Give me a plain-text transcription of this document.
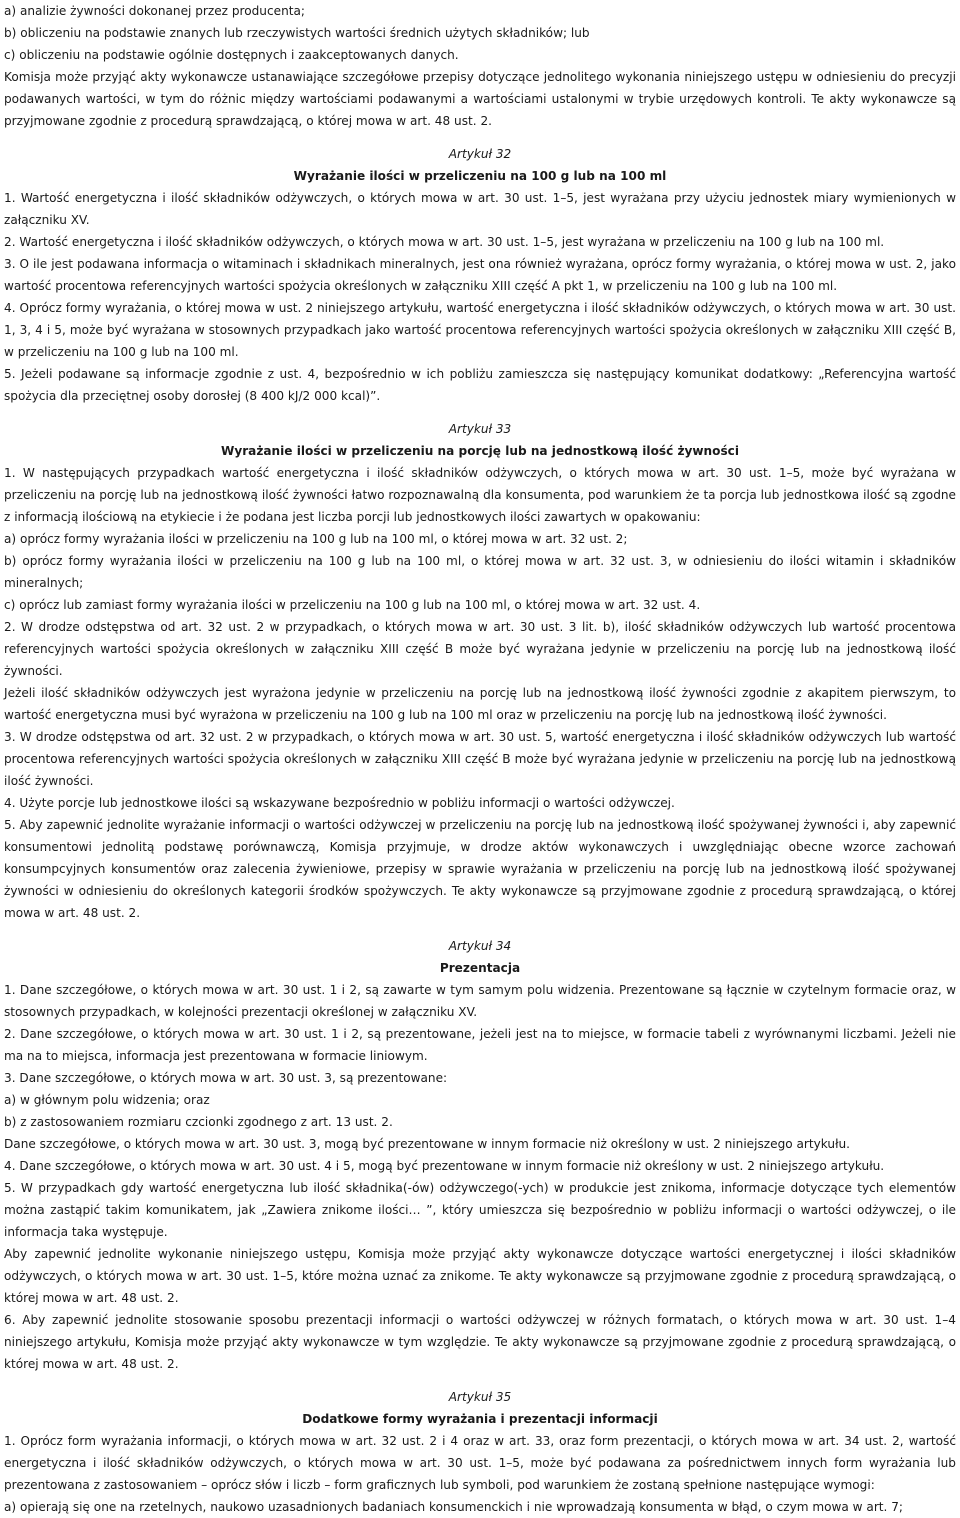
a) analizie żywności dokonanej przez producenta;

b) obliczeniu na podstawie znanych lub rzeczywistych wartości średnich użytych składników; lub

c) obliczeniu na podstawie ogólnie dostępnych i zaakceptowanych danych.

Komisja może przyjąć akty wykonawcze ustanawiające szczegółowe przepisy dotyczące jednolitego wykonania niniejszego ustępu w odniesieniu do precyzji podawanych wartości, w tym do różnic między wartościami podawanymi a wartościami ustalonymi w trybie urzędowych kontroli. Te akty wykonawcze są przyjmowane zgodnie z procedurą sprawdzającą, o której mowa w art. 48 ust. 2.

Artykuł 32

Wyrażanie ilości w przeliczeniu na 100 g lub na 100 ml

1. Wartość energetyczna i ilość składników odżywczych, o których mowa w art. 30 ust. 1–5, jest wyrażana przy użyciu jednostek miary wymienionych w załączniku XV.

2. Wartość energetyczna i ilość składników odżywczych, o których mowa w art. 30 ust. 1–5, jest wyrażana w przeliczeniu na 100 g lub na 100 ml.

3. O ile jest podawana informacja o witaminach i składnikach mineralnych, jest ona również wyrażana, oprócz formy wyrażania, o której mowa w ust. 2, jako wartość procentowa referencyjnych wartości spożycia określonych w załączniku XIII część A pkt 1, w przeliczeniu na 100 g lub na 100 ml.

4. Oprócz formy wyrażania, o której mowa w ust. 2 niniejszego artykułu, wartość energetyczna i ilość składników odżywczych, o których mowa w art. 30 ust. 1, 3, 4 i 5, może być wyrażana w stosownych przypadkach jako wartość procentowa referencyjnych wartości spożycia określonych w załączniku XIII część B, w przeliczeniu na 100 g lub na 100 ml.

5. Jeżeli podawane są informacje zgodnie z ust. 4, bezpośrednio w ich pobliżu zamieszcza się następujący komunikat dodatkowy: „Referencyjna wartość spożycia dla przeciętnej osoby dorosłej (8 400 kJ/2 000 kcal)”.

Artykuł 33

Wyrażanie ilości w przeliczeniu na porcję lub na jednostkową ilość żywności

1. W następujących przypadkach wartość energetyczna i ilość składników odżywczych, o których mowa w art. 30 ust. 1–5, może być wyrażana w przeliczeniu na porcję lub na jednostkową ilość żywności łatwo rozpoznawalną dla konsumenta, pod warunkiem że ta porcja lub jednostkowa ilość są zgodne z informacją ilościową na etykiecie i że podana jest liczba porcji lub jednostkowych ilości zawartych w opakowaniu:

a) oprócz formy wyrażania ilości w przeliczeniu na 100 g lub na 100 ml, o której mowa w art. 32 ust. 2;

b) oprócz formy wyrażania ilości w przeliczeniu na 100 g lub na 100 ml, o której mowa w art. 32 ust. 3, w odniesieniu do ilości witamin i składników mineralnych;

c) oprócz lub zamiast formy wyrażania ilości w przeliczeniu na 100 g lub na 100 ml, o której mowa w art. 32 ust. 4.

2. W drodze odstępstwa od art. 32 ust. 2 w przypadkach, o których mowa w art. 30 ust. 3 lit. b), ilość składników odżywczych lub wartość procentowa referencyjnych wartości spożycia określonych w załączniku XIII część B może być wyrażana jedynie w przeliczeniu na porcję lub na jednostkową ilość żywności.

Jeżeli ilość składników odżywczych jest wyrażona jedynie w przeliczeniu na porcję lub na jednostkową ilość żywności zgodnie z akapitem pierwszym, to wartość energetyczna musi być wyrażona w przeliczeniu na 100 g lub na 100 ml oraz w przeliczeniu na porcję lub na jednostkową ilość żywności.

3. W drodze odstępstwa od art. 32 ust. 2 w przypadkach, o których mowa w art. 30 ust. 5, wartość energetyczna i ilość składników odżywczych lub wartość procentowa referencyjnych wartości spożycia określonych w załączniku XIII część B może być wyrażana jedynie w przeliczeniu na porcję lub na jednostkową ilość żywności.

4. Użyte porcje lub jednostkowe ilości są wskazywane bezpośrednio w pobliżu informacji o wartości odżywczej.

5. Aby zapewnić jednolite wyrażanie informacji o wartości odżywczej w przeliczeniu na porcję lub na jednostkową ilość spożywanej żywności i, aby zapewnić konsumentowi jednolitą podstawę porównawczą, Komisja przyjmuje, w drodze aktów wykonawczych i uwzględniając obecne wzorce zachowań konsumpcyjnych konsumentów oraz zalecenia żywieniowe, przepisy w sprawie wyrażania w przeliczeniu na porcję lub na jednostkową ilość spożywanej żywności w odniesieniu do określonych kategorii środków spożywczych. Te akty wykonawcze są przyjmowane zgodnie z procedurą sprawdzającą, o której mowa w art. 48 ust. 2.

Artykuł 34

Prezentacja

1. Dane szczegółowe, o których mowa w art. 30 ust. 1 i 2, są zawarte w tym samym polu widzenia. Prezentowane są łącznie w czytelnym formacie oraz, w stosownych przypadkach, w kolejności prezentacji określonej w załączniku XV.

2. Dane szczegółowe, o których mowa w art. 30 ust. 1 i 2, są prezentowane, jeżeli jest na to miejsce, w formacie tabeli z wyrównanymi liczbami. Jeżeli nie ma na to miejsca, informacja jest prezentowana w formacie liniowym.

3. Dane szczegółowe, o których mowa w art. 30 ust. 3, są prezentowane:

a) w głównym polu widzenia; oraz

b) z zastosowaniem rozmiaru czcionki zgodnego z art. 13 ust. 2.

Dane szczegółowe, o których mowa w art. 30 ust. 3, mogą być prezentowane w innym formacie niż określony w ust. 2 niniejszego artykułu.

4. Dane szczegółowe, o których mowa w art. 30 ust. 4 i 5, mogą być prezentowane w innym formacie niż określony w ust. 2 niniejszego artykułu.

5. W przypadkach gdy wartość energetyczna lub ilość składnika(-ów) odżywczego(-ych) w produkcie jest znikoma, informacje dotyczące tych elementów można zastąpić takim komunikatem, jak „Zawiera znikome ilości… ”, który umieszcza się bezpośrednio w pobliżu informacji o wartości odżywczej, o ile informacja taka występuje.

Aby zapewnić jednolite wykonanie niniejszego ustępu, Komisja może przyjąć akty wykonawcze dotyczące wartości energetycznej i ilości składników odżywczych, o których mowa w art. 30 ust. 1–5, które można uznać za znikome. Te akty wykonawcze są przyjmowane zgodnie z procedurą sprawdzającą, o której mowa w art. 48 ust. 2.

6. Aby zapewnić jednolite stosowanie sposobu prezentacji informacji o wartości odżywczej w różnych formatach, o których mowa w art. 30 ust. 1–4 niniejszego artykułu, Komisja może przyjąć akty wykonawcze w tym względzie. Te akty wykonawcze są przyjmowane zgodnie z procedurą sprawdzającą, o której mowa w art. 48 ust. 2.

Artykuł 35

Dodatkowe formy wyrażania i prezentacji informacji

1. Oprócz form wyrażania informacji, o których mowa w art. 32 ust. 2 i 4 oraz w art. 33, oraz form prezentacji, o których mowa w art. 34 ust. 2, wartość energetyczna i ilość składników odżywczych, o których mowa w art. 30 ust. 1–5, może być podawana za pośrednictwem innych form wyrażania lub prezentowana z zastosowaniem – oprócz słów i liczb – form graficznych lub symboli, pod warunkiem że zostaną spełnione następujące wymogi:

a) opierają się one na rzetelnych, naukowo uzasadnionych badaniach konsumenckich i nie wprowadzają konsumenta w błąd, o czym mowa w art. 7;
